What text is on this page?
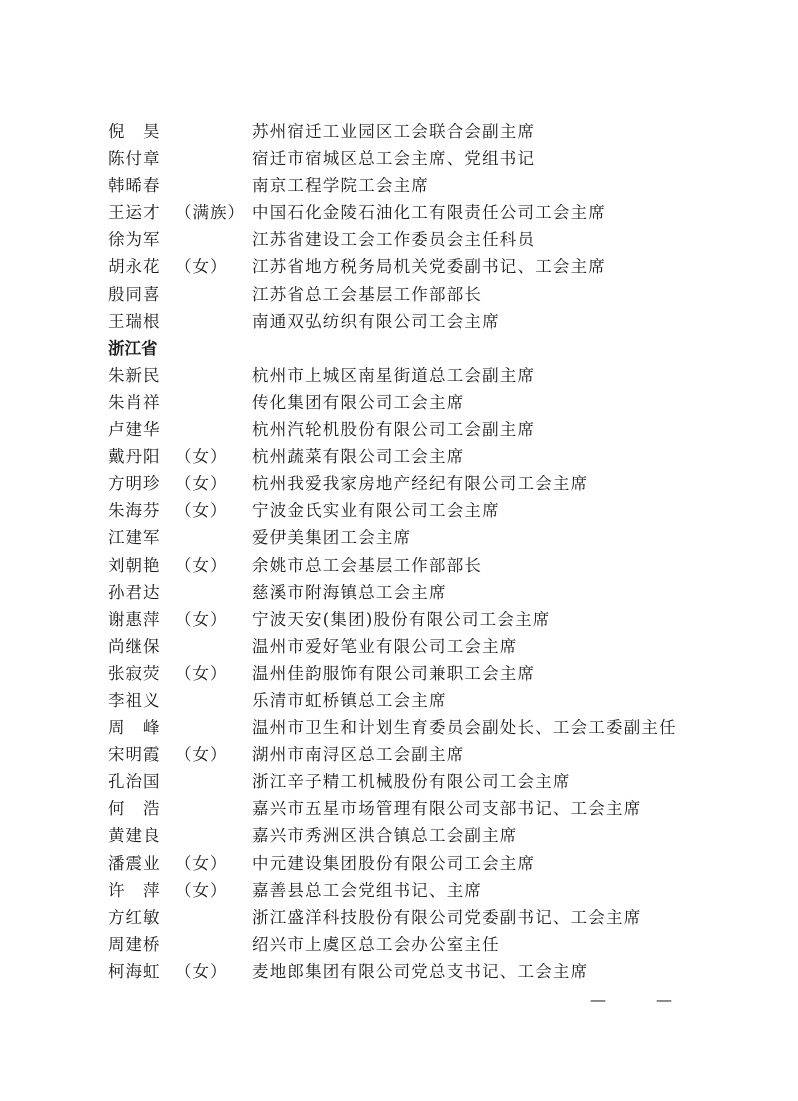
倪　昊	苏州宿迁工业园区工会联合会副主席
陈付章	宿迁市宿城区总工会主席、党组书记
韩晞春	南京工程学院工会主席
王运才 （满族） 中国石化金陵石油化工有限责任公司工会主席
徐为军	江苏省建设工会工作委员会主任科员
胡永花 （女） 江苏省地方税务局机关党委副书记、工会主席
殷同喜	江苏省总工会基层工作部部长
王瑞根	南通双弘纺织有限公司工会主席
浙江省
朱新民	杭州市上城区南星街道总工会副主席
朱肖祥	传化集团有限公司工会主席
卢建华	杭州汽轮机股份有限公司工会副主席
戴丹阳 （女） 杭州蔬菜有限公司工会主席
方明珍 （女） 杭州我爱我家房地产经纪有限公司工会主席
朱海芬 （女） 宁波金氏实业有限公司工会主席
江建军	爱伊美集团工会主席
刘朝艳 （女） 余姚市总工会基层工作部部长
孙君达	慈溪市附海镇总工会主席
谢惠萍 （女） 宁波天安(集团)股份有限公司工会主席
尚继保	温州市爱好笔业有限公司工会主席
张寂荧 （女） 温州佳韵服饰有限公司兼职工会主席
李祖义	乐清市虹桥镇总工会主席
周　峰	温州市卫生和计划生育委员会副处长、工会工委副主任
宋明霞 （女） 湖州市南浔区总工会副主席
孔治国	浙江辛子精工机械股份有限公司工会主席
何　浩	嘉兴市五星市场管理有限公司支部书记、工会主席
黄建良	嘉兴市秀洲区洪合镇总工会副主席
潘震业 （女） 中元建设集团股份有限公司工会主席
许　萍 （女） 嘉善县总工会党组书记、主席
方红敏	浙江盛洋科技股份有限公司党委副书记、工会主席
周建桥	绍兴市上虞区总工会办公室主任
柯海虹 （女） 麦地郎集团有限公司党总支书记、工会主席
—	—
